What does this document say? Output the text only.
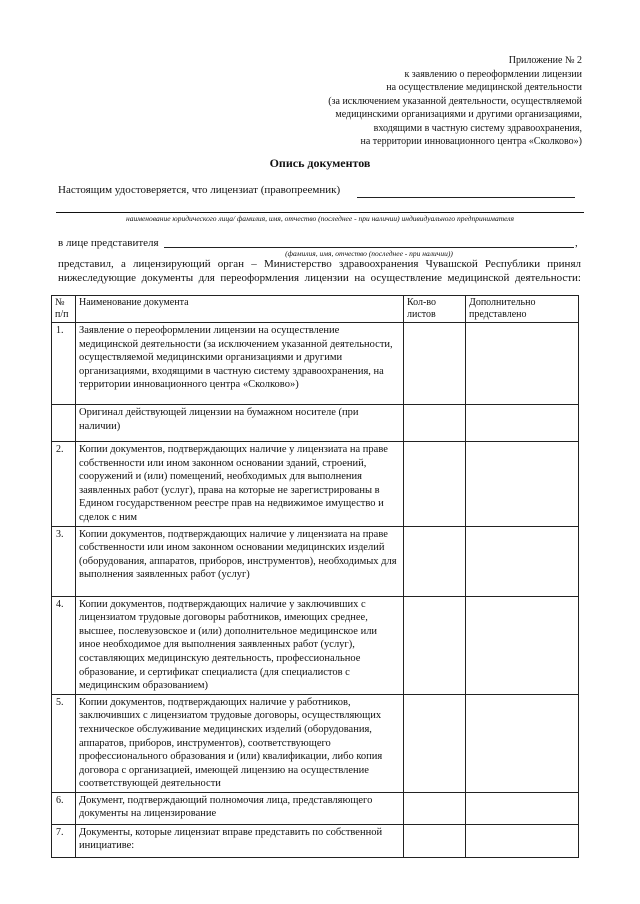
Приложение № 2
к заявлению о переоформлении лицензии
на осуществление медицинской деятельности
(за исключением указанной деятельности, осуществляемой
медицинскими организациями и другими организациями,
входящими в частную систему здравоохранения,
на территории инновационного центра «Сколково»)
Опись документов
Настоящим удостоверяется, что лицензиат (правопреемник)
наименование юридического лица/ фамилия, имя, отчество (последнее - при наличии) индивидуального предпринимателя
в лице представителя	,
(фамилия, имя, отчество (последнее - при наличии))
представил, а лицензирующий орган – Министерство здравоохранения Чувашской Республики принял
нижеследующие документы для переоформления лицензии на осуществление медицинской деятельности:
№ п/п	Наименование документа	Кол-во листов	Дополнительно представлено
1.	Заявление о переоформлении лицензии на осуществление медицинской деятельности (за исключением указанной деятельности, осуществляемой медицинскими организациями и другими организациями, входящими в частную систему здравоохранения, на территории инновационного центра «Сколково»)		
	Оригинал действующей лицензии на бумажном носителе (при наличии)		
2.	Копии документов, подтверждающих наличие у лицензиата на праве собственности или ином законном основании зданий, строений, сооружений и (или) помещений, необходимых для выполнения заявленных работ (услуг), права на которые не зарегистрированы в Едином государственном реестре прав на недвижимое имущество и сделок с ним		
3.	Копии документов, подтверждающих наличие у лицензиата на праве собственности или ином законном основании медицинских изделий (оборудования, аппаратов, приборов, инструментов), необходимых для выполнения заявленных работ (услуг)		
4.	Копии документов, подтверждающих наличие у заключивших с лицензиатом трудовые договоры работников, имеющих среднее, высшее, послевузовское и (или) дополнительное медицинское или иное необходимое для выполнения заявленных работ (услуг), составляющих медицинскую деятельность, профессиональное образование, и сертификат специалиста (для специалистов с медицинским образованием)		
5.	Копии документов, подтверждающих наличие у работников, заключивших с лицензиатом трудовые договоры, осуществляющих техническое обслуживание медицинских изделий (оборудования, аппаратов, приборов, инструментов), соответствующего профессионального образования и (или) квалификации, либо копия договора с организацией, имеющей лицензию на осуществление соответствующей деятельности		
6.	Документ, подтверждающий полномочия лица, представляющего документы на лицензирование		
7.	Документы, которые лицензиат вправе представить по собственной инициативе:		
